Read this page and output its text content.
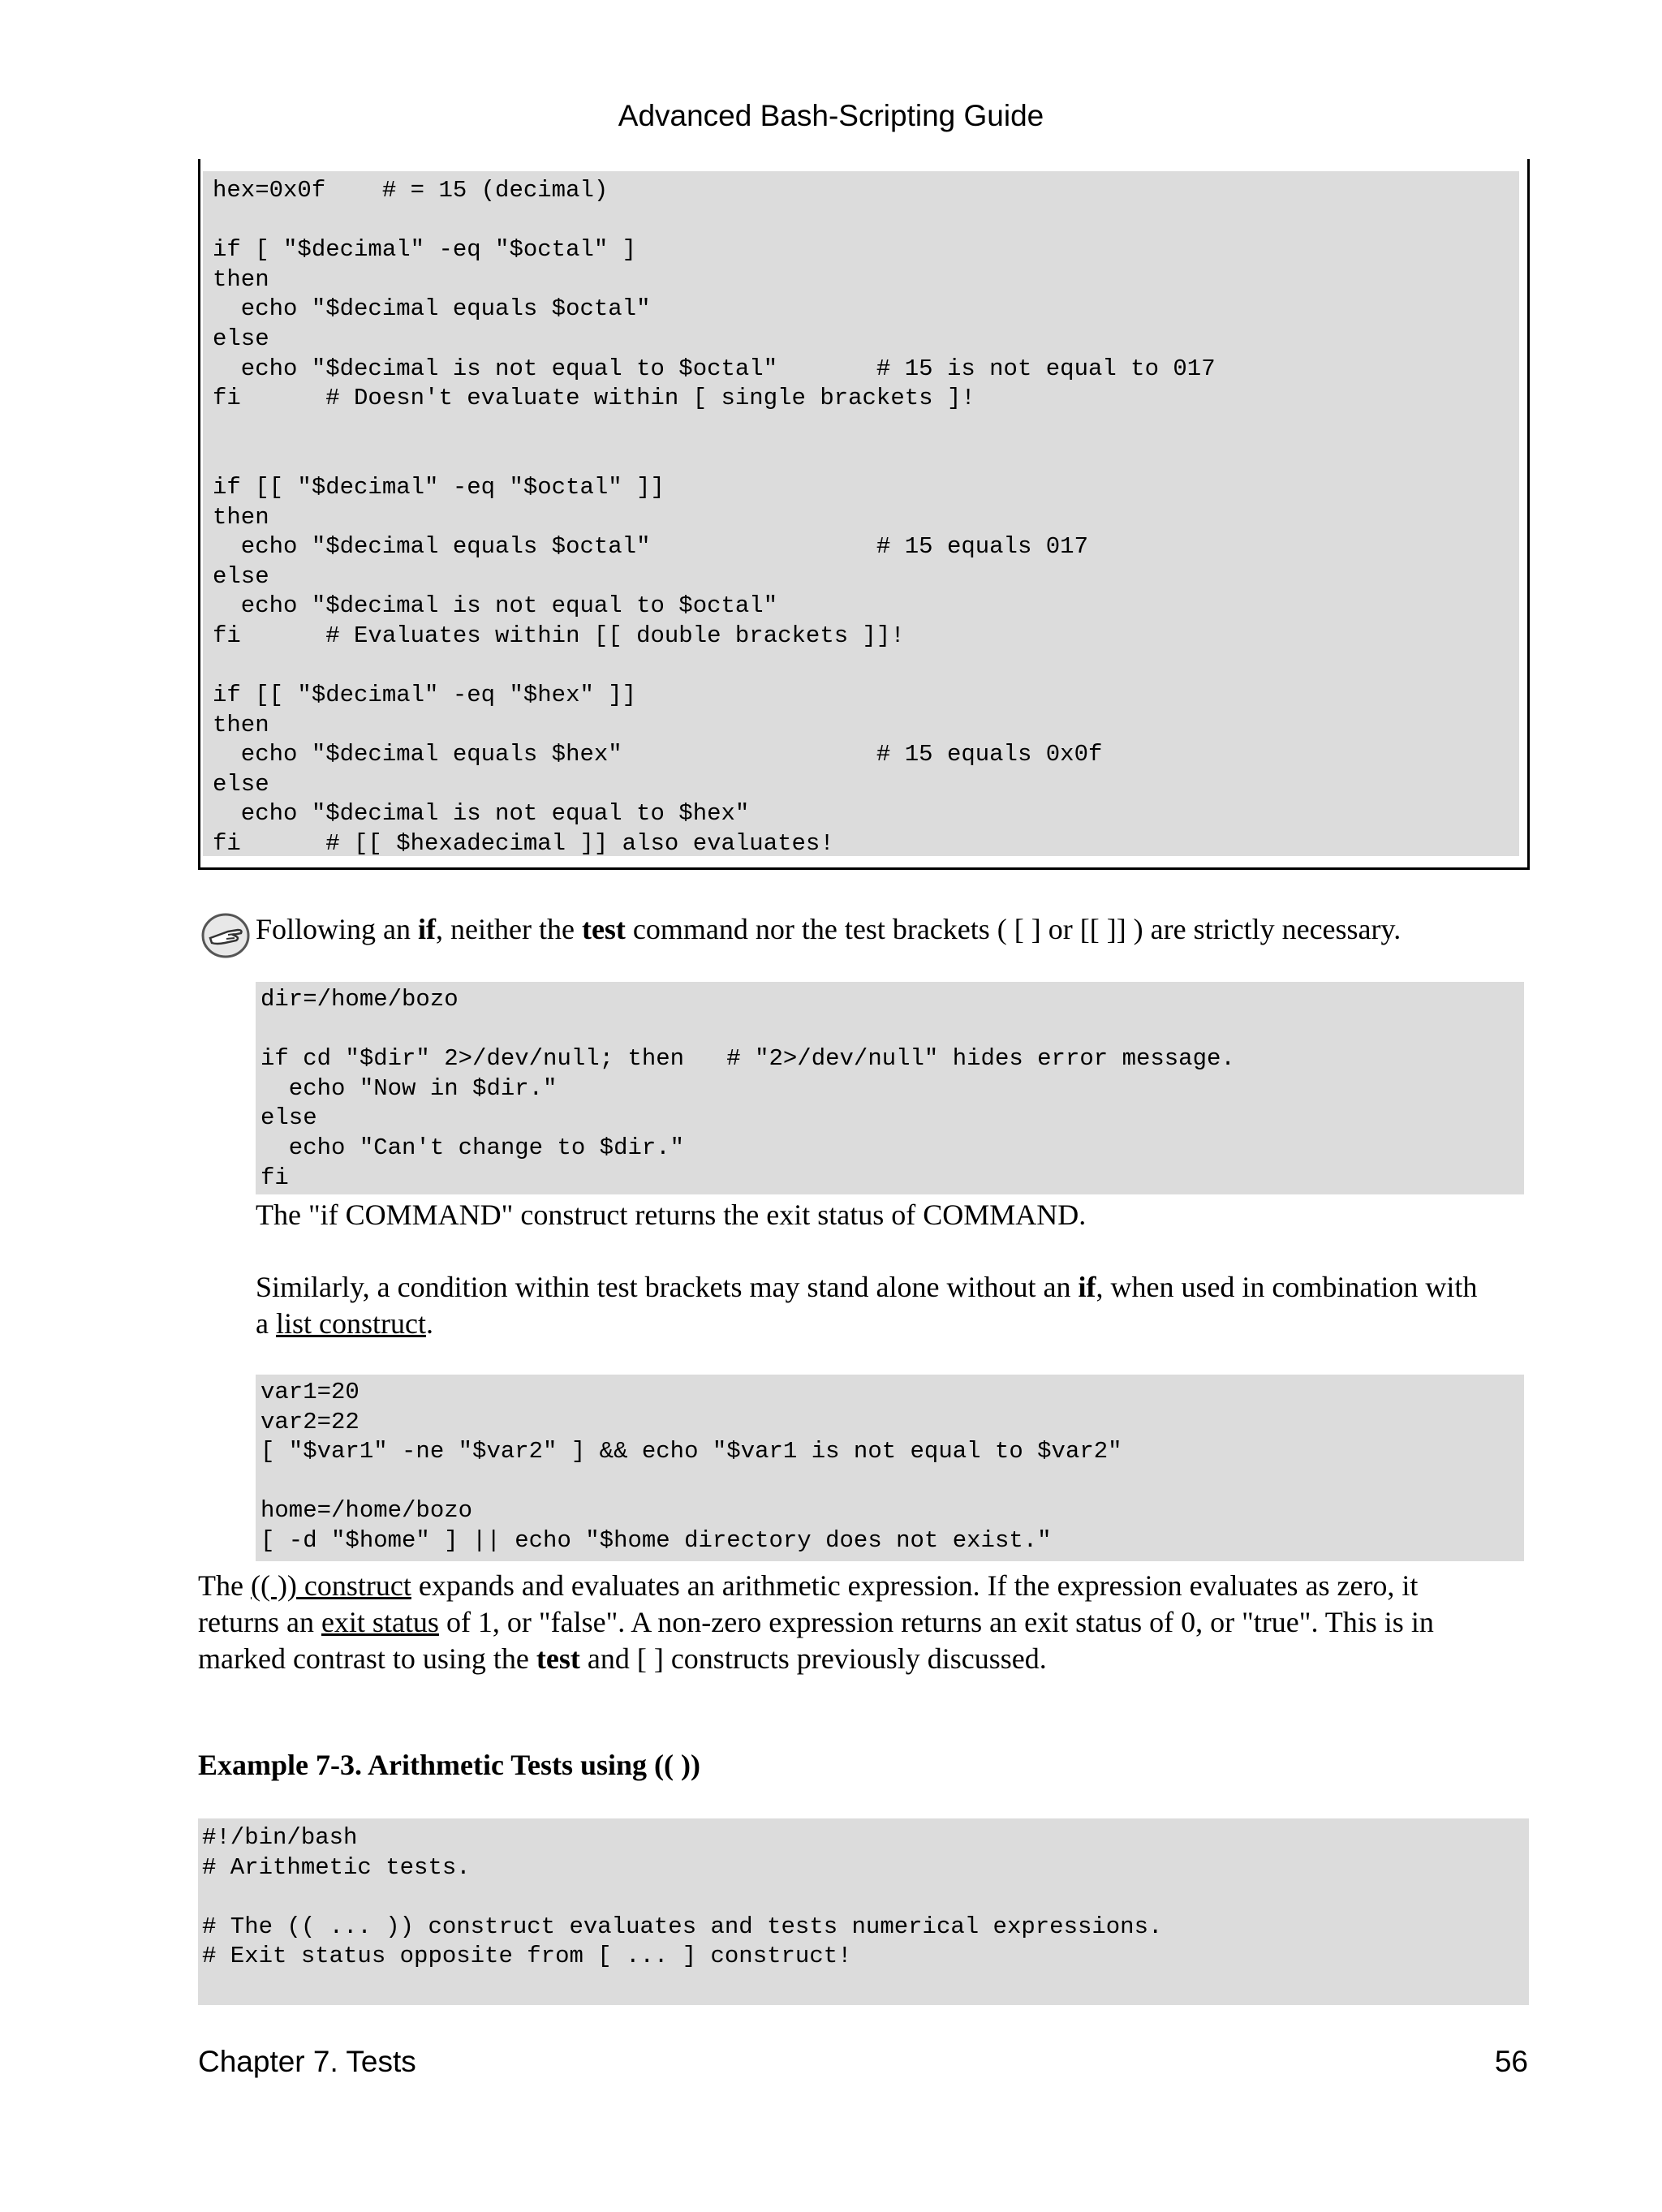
Advanced Bash-Scripting Guide
hex=0x0f    # = 15 (decimal)

if [ "$decimal" -eq "$octal" ]
then
echo "$decimal equals $octal"
else
echo "$decimal is not equal to $octal"       # 15 is not equal to 017
fi      # Doesn't evaluate within [ single brackets ]!

if [[ "$decimal" -eq "$octal" ]]
then
echo "$decimal equals $octal"                # 15 equals 017
else
echo "$decimal is not equal to $octal"
fi      # Evaluates within [[ double brackets ]]!

if [[ "$decimal" -eq "$hex" ]]
then
echo "$decimal equals $hex"                  # 15 equals 0x0f
else
echo "$decimal is not equal to $hex"
fi      # [[ $hexadecimal ]] also evaluates!
Following an if, neither the test command nor the test brackets ( [ ] or [[ ]] ) are strictly necessary.
dir=/home/bozo

if cd "$dir" 2>/dev/null; then   # "2>/dev/null" hides error message.
echo "Now in $dir."
else
echo "Can't change to $dir."
fi
The "if COMMAND" construct returns the exit status of COMMAND.
Similarly, a condition within test brackets may stand alone without an if, when used in combination with
a list construct.
var1=20
var2=22
[ "$var1" -ne "$var2" ] && echo "$var1 is not equal to $var2"

home=/home/bozo
[ -d "$home" ] || echo "$home directory does not exist."
The (( )) construct expands and evaluates an arithmetic expression. If the expression evaluates as zero, it
returns an exit status of 1, or "false". A non-zero expression returns an exit status of 0, or "true". This is in
marked contrast to using the test and [ ] constructs previously discussed.
Example 7-3. Arithmetic Tests using (( ))
#!/bin/bash
# Arithmetic tests.

# The (( ... )) construct evaluates and tests numerical expressions.
# Exit status opposite from [ ... ] construct!
Chapter 7. Tests	56
